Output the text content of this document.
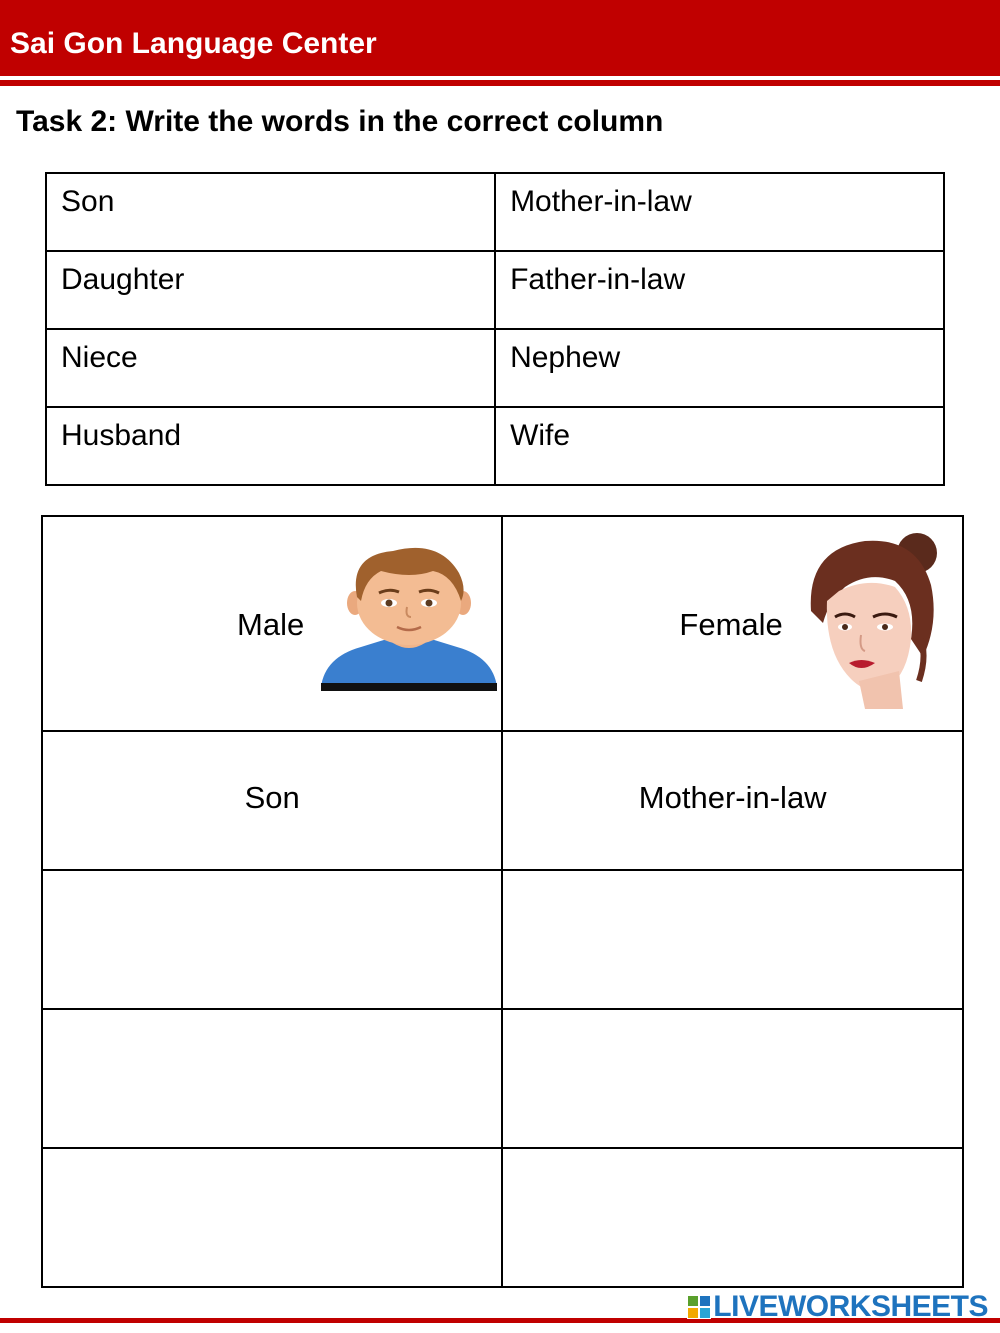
Sai Gon Language Center
Task 2: Write the words in the correct column
Son	Mother-in-law

Daughter	Father-in-law

Niece	Nephew

Husband	Wife
Male	Female

Son	Mother-in-law

LIVEWORKSHEETS
